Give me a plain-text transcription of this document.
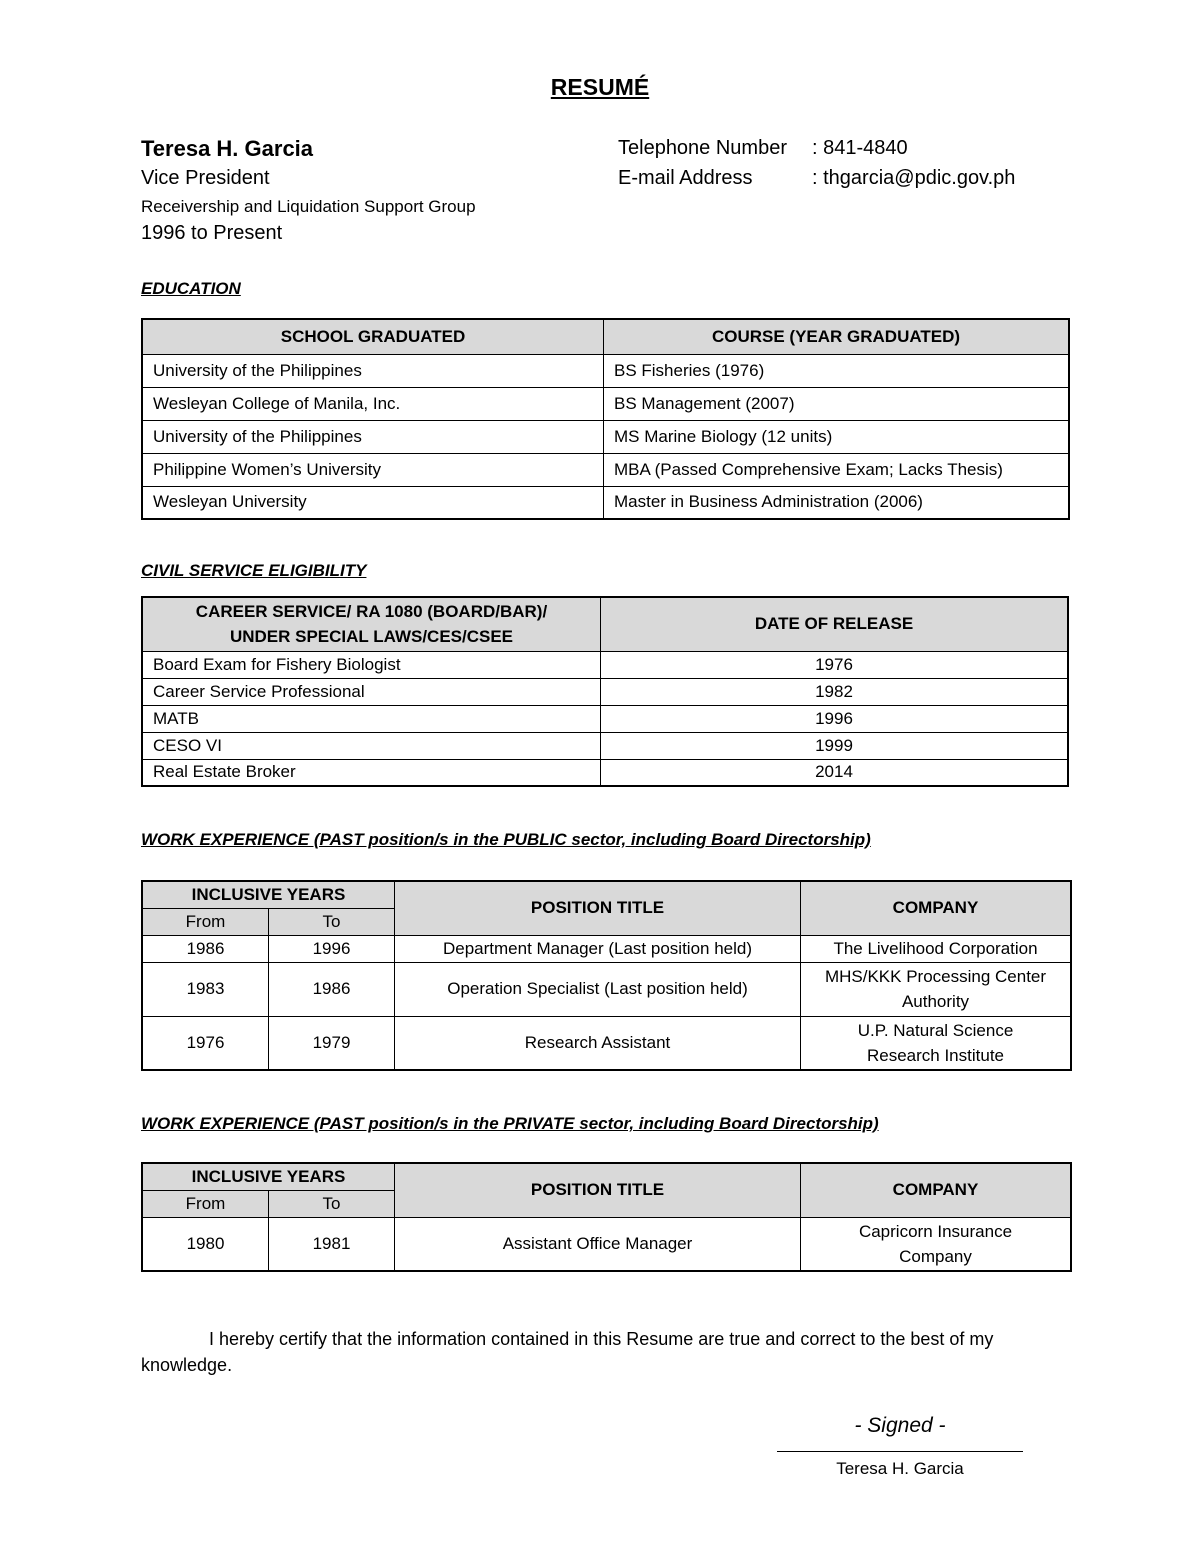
RESUMÉ
Teresa H. Garcia
Vice President
Receivership and Liquidation Support Group
1996 to Present
Telephone Number : 841-4840
E-mail Address	: thgarcia@pdic.gov.ph
EDUCATION
SCHOOL GRADUATED	COURSE (YEAR GRADUATED)
University of the Philippines	BS Fisheries (1976)
Wesleyan College of Manila, Inc.	BS Management (2007)
University of the Philippines	MS Marine Biology (12 units)
Philippine Women’s University	MBA (Passed Comprehensive Exam; Lacks Thesis)
Wesleyan University	Master in Business Administration (2006)
CIVIL SERVICE ELIGIBILITY
CAREER SERVICE/ RA 1080 (BOARD/BAR)/
UNDER SPECIAL LAWS/CES/CSEE	DATE OF RELEASE
Board Exam for Fishery Biologist	1976
Career Service Professional	1982
MATB	1996
CESO VI	1999
Real Estate Broker	2014
WORK EXPERIENCE (PAST position/s in the PUBLIC sector, including Board Directorship)
INCLUSIVE YEARS		POSITION TITLE	COMPANY
From	To		
1986	1996	Department Manager (Last position held)	The Livelihood Corporation
1983	1986	Operation Specialist (Last position held)	MHS/KKK Processing Center
Authority
1976	1979	Research Assistant	U.P. Natural Science
Research Institute
WORK EXPERIENCE (PAST position/s in the PRIVATE sector, including Board Directorship)
INCLUSIVE YEARS		POSITION TITLE	COMPANY
From	To		
1980	1981	Assistant Office Manager	Capricorn Insurance
Company
I hereby certify that the information contained in this Resume are true and correct to the best of my knowledge.
- Signed -
Teresa H. Garcia
